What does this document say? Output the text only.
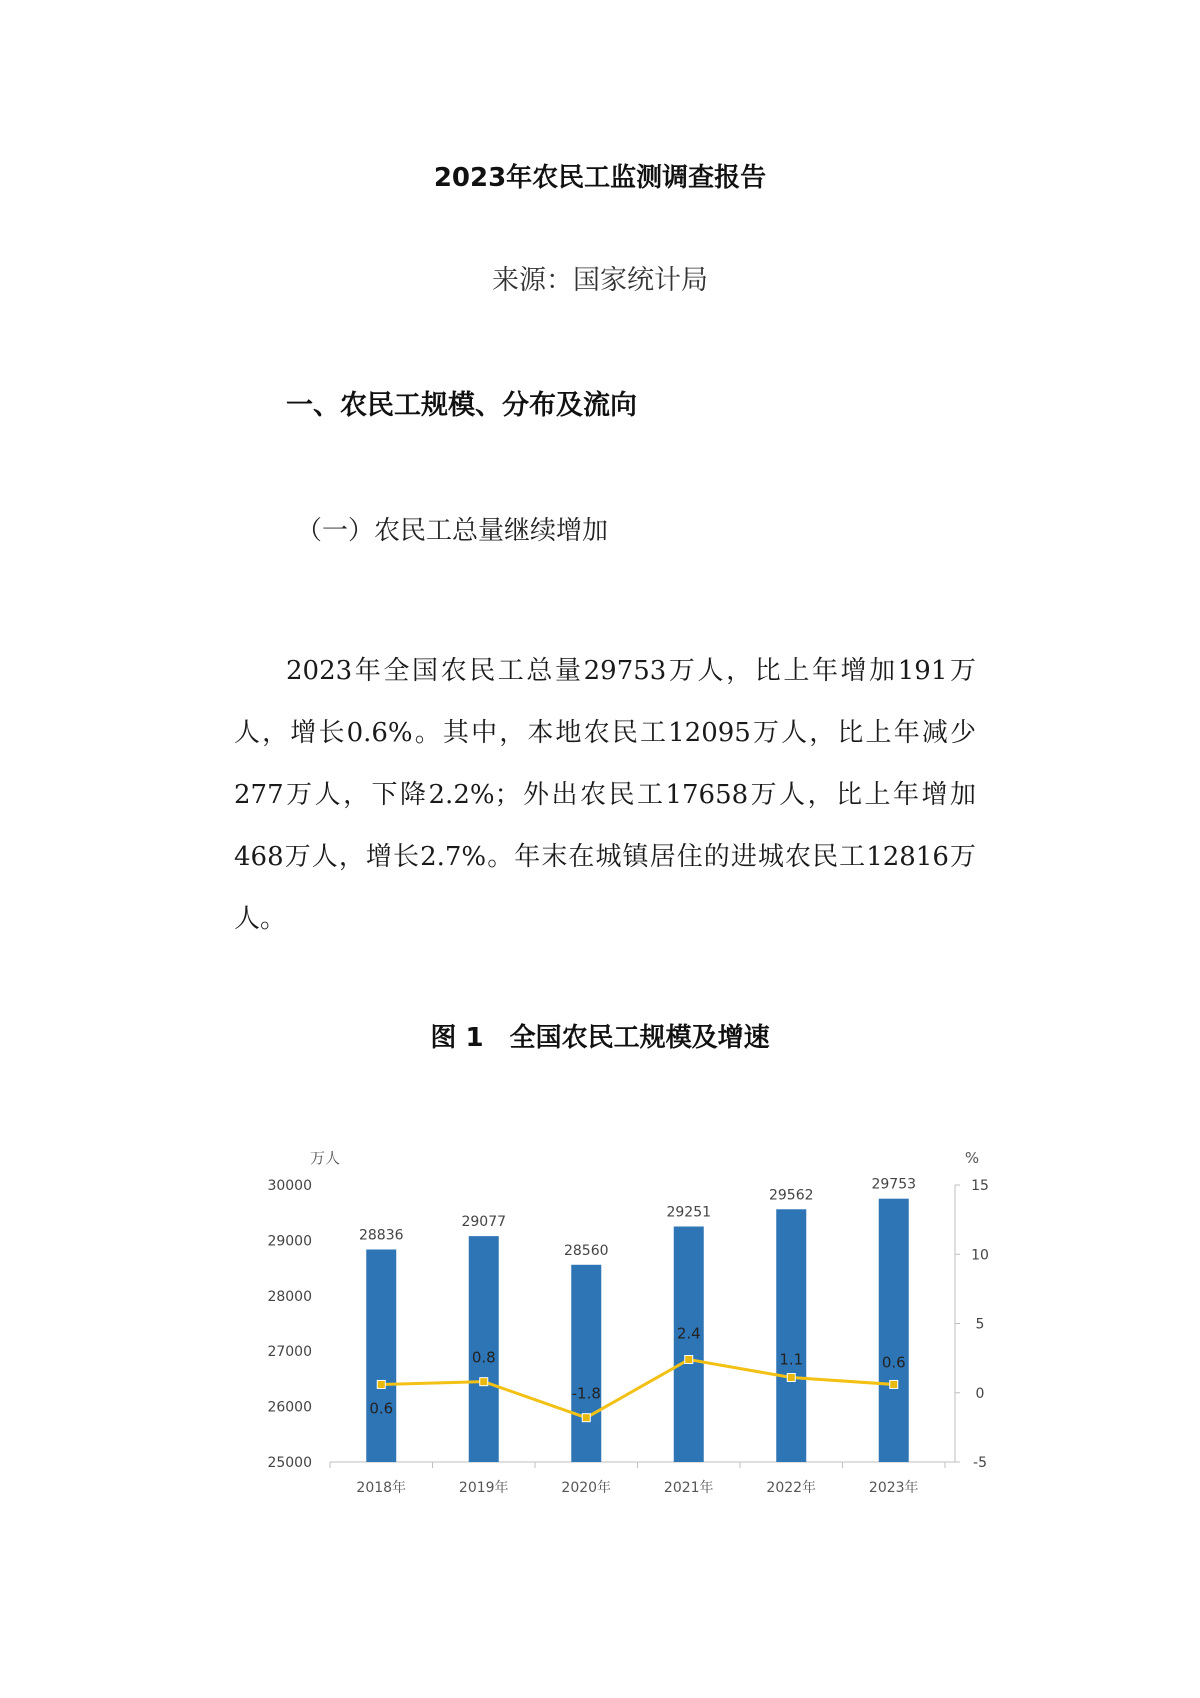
2023年农民工监测调查报告
来源：国家统计局
一、农民工规模、分布及流向
（一）农民工总量继续增加
2023年全国农民工总量29753万人，比上年增加191万人，增长0.6%。其中，本地农民工12095万人，比上年减少277万人，下降2.2%；外出农民工17658万人，比上年增加468万人，增长2.7%。年末在城镇居住的进城农民工12816万人。
图 1　全国农民工规模及增速
万人	%
30000
29000
28000
27000
26000
25000
15
10
5
0
-5
28836
29077
28560
29251
29562
29753
2018年	2019年	2020年	2021年	2022年	2023年
0.6
0.8
-1.8
2.4
1.1	0.6
